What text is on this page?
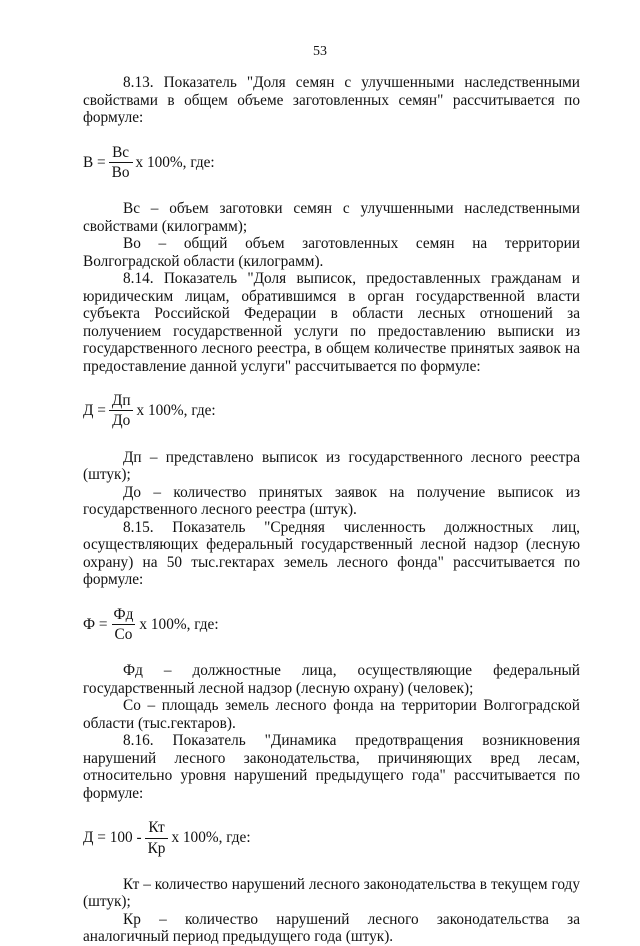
53

8.13. Показатель "Доля семян с улучшенными наследственными свойствами в общем объеме заготовленных семян" рассчитывается по формуле:

$В = \frac{Вс}{Во}$ х 100%, где:

Вс – объем заготовки семян с улучшенными наследственными свойствами (килограмм);

Во – общий объем заготовленных семян на территории Волгоградской области (килограмм).

8.14. Показатель "Доля выписок, предоставленных гражданам и юридическим лицам, обратившимся в орган государственной власти субъекта Российской Федерации в области лесных отношений за получением государственной услуги по предоставлению выписки из государственного лесного реестра, в общем количестве принятых заявок на предоставление данной услуги" рассчитывается по формуле:

$Д = \frac{Дп}{До}$ х 100%, где:

Дп – представлено выписок из государственного лесного реестра (штук);

До – количество принятых заявок на получение выписок из государственного лесного реестра (штук).

8.15. Показатель "Средняя численность должностных лиц, осуществляющих федеральный государственный лесной надзор (лесную охрану) на 50 тыс.гектарах земель лесного фонда" рассчитывается по формуле:

$Ф = \frac{Фд}{Со}$ х 100%, где:

Фд – должностные лица, осуществляющие федеральный государственный лесной надзор (лесную охрану) (человек);

Со – площадь земель лесного фонда на территории Волгоградской области (тыс.гектаров).

8.16. Показатель "Динамика предотвращения возникновения нарушений лесного законодательства, причиняющих вред лесам, относительно уровня нарушений предыдущего года" рассчитывается по формуле:

$Д = 100 - \frac{Кт}{Кр}$ х 100%, где:

Кт – количество нарушений лесного законодательства в текущем году (штук);

Кр – количество нарушений лесного законодательства за аналогичный период предыдущего года (штук).
